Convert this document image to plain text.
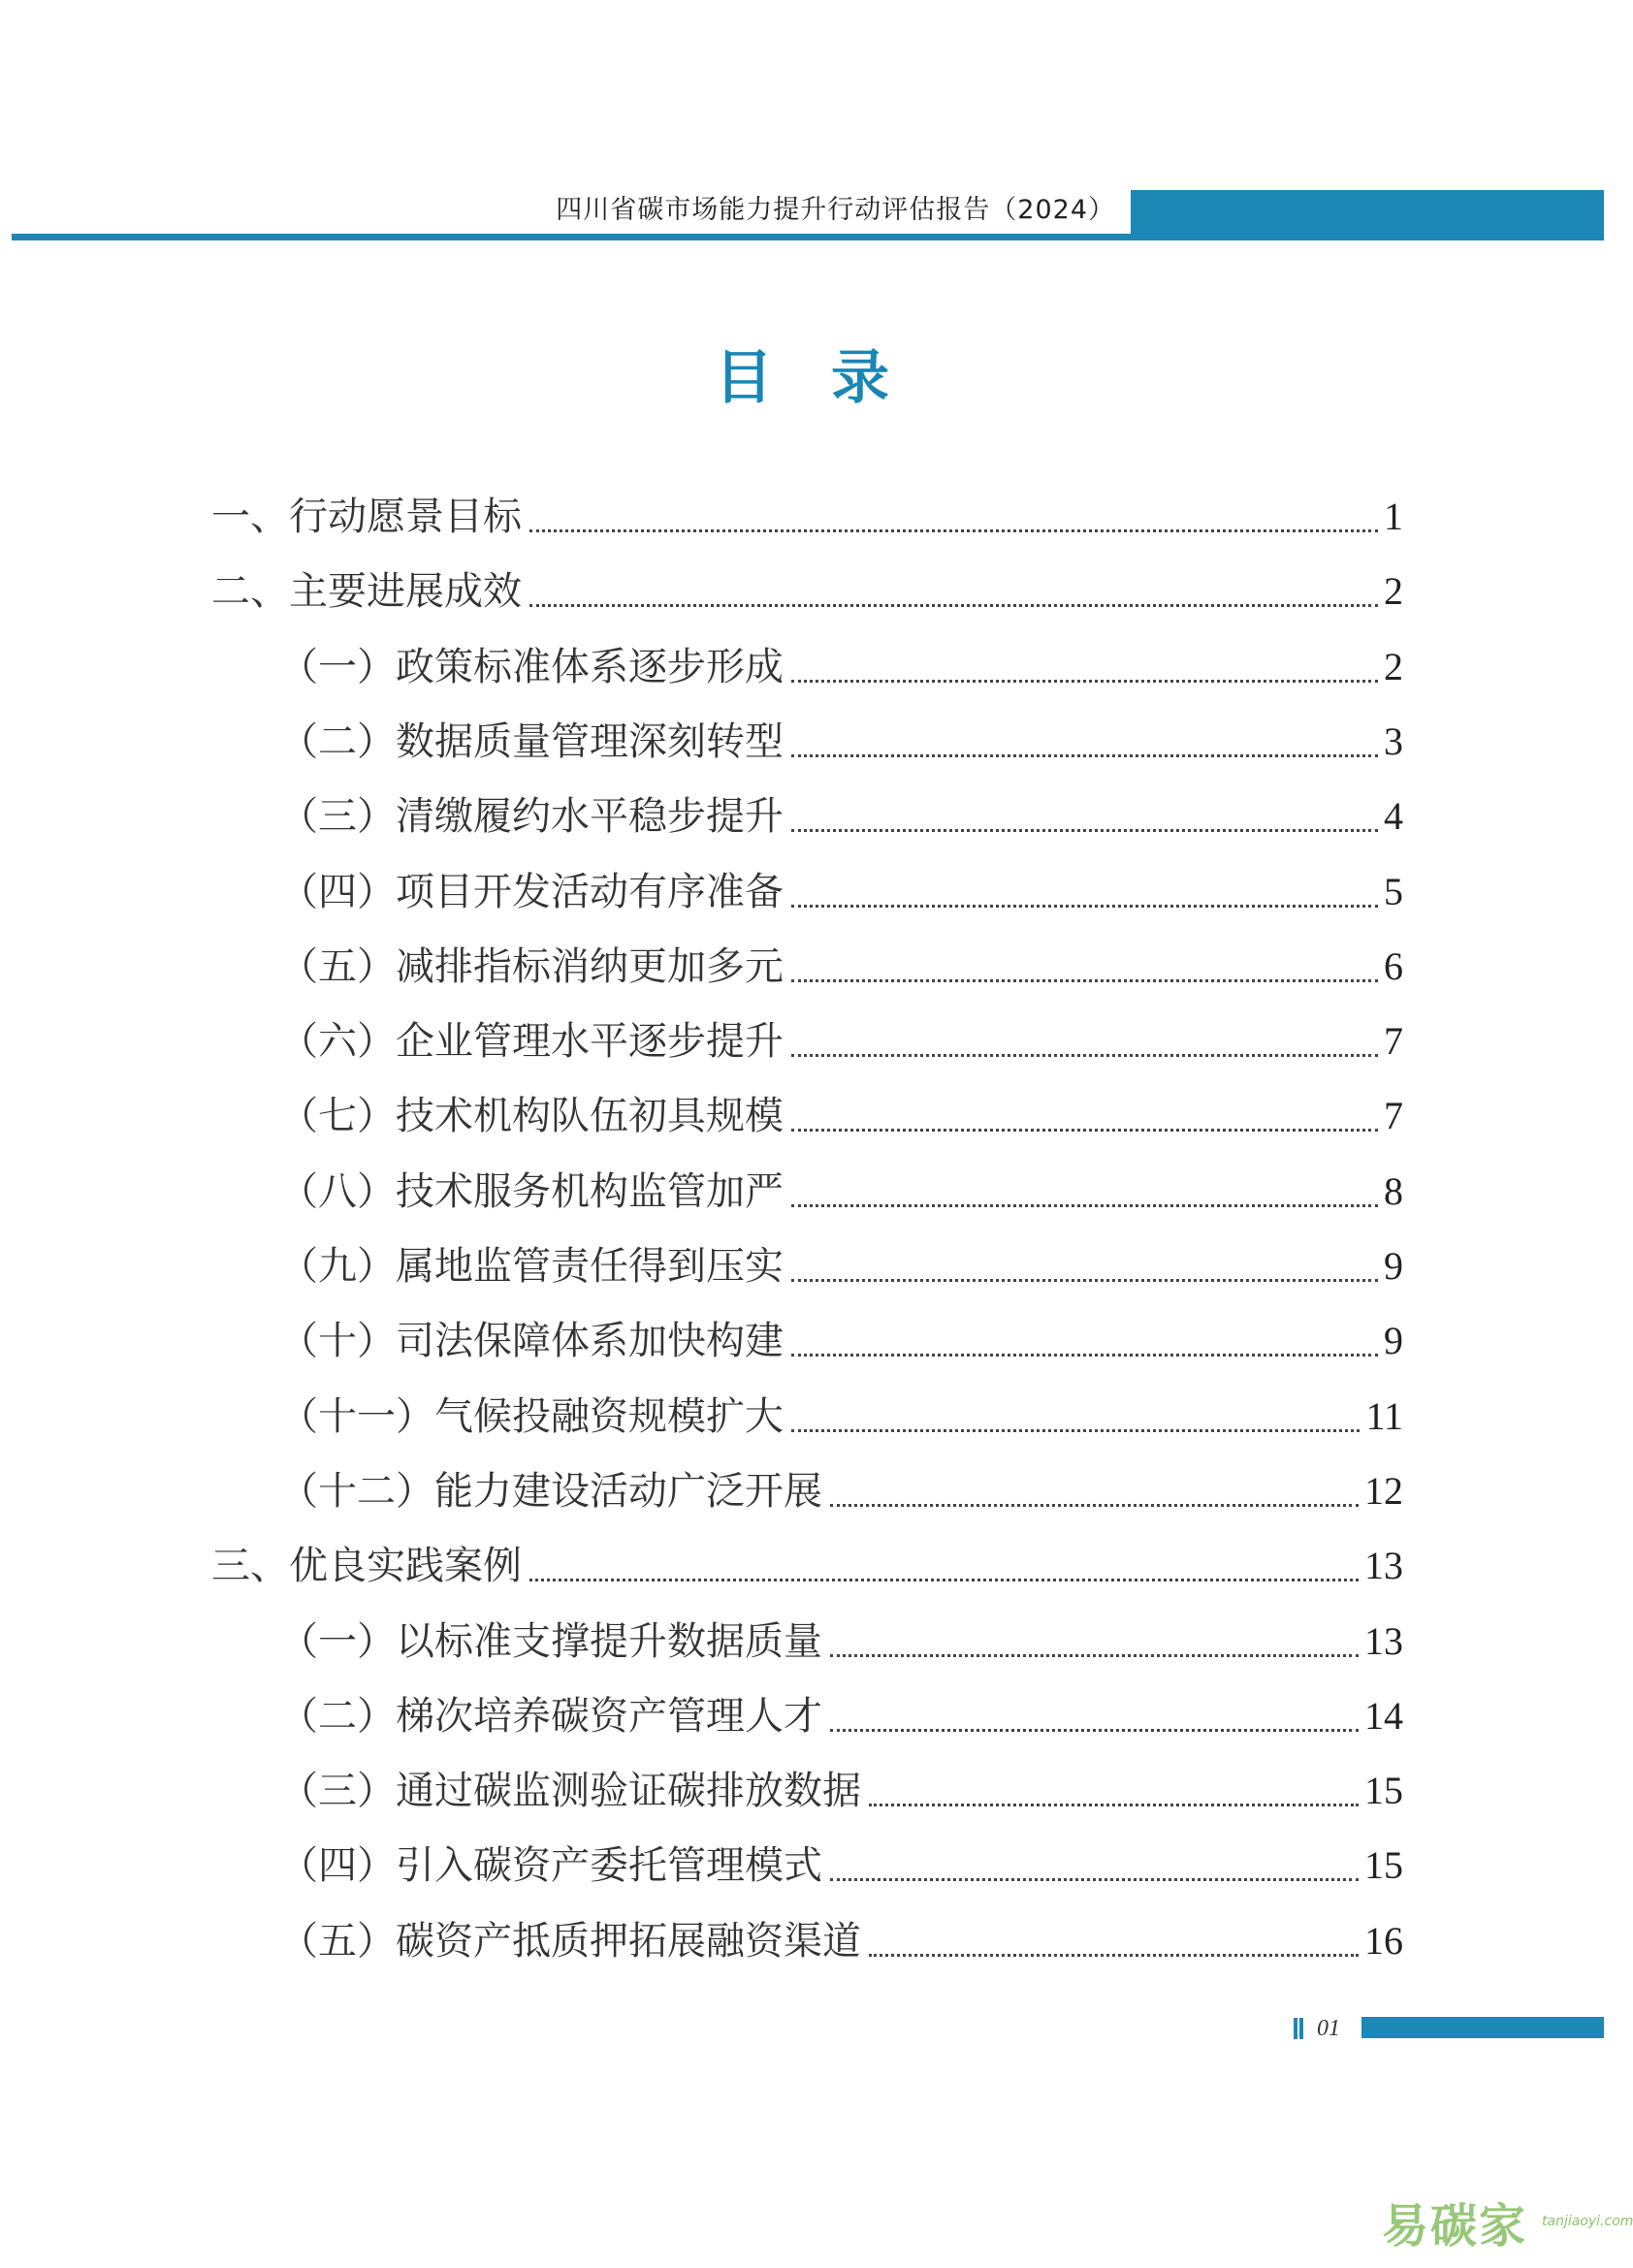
四川省碳市场能力提升行动评估报告（2024）
目录
一、行动愿景目标	1
二、主要进展成效	2
（一）政策标准体系逐步形成	2
（二）数据质量管理深刻转型	3
（三）清缴履约水平稳步提升	4
（四）项目开发活动有序准备	5
（五）减排指标消纳更加多元	6
（六）企业管理水平逐步提升	7
（七）技术机构队伍初具规模	7
（八）技术服务机构监管加严	8
（九）属地监管责任得到压实	9
（十）司法保障体系加快构建	9
（十一）气候投融资规模扩大	11
（十二）能力建设活动广泛开展	12
三、优良实践案例	13
（一）以标准支撑提升数据质量	13
（二）梯次培养碳资产管理人才	14
（三）通过碳监测验证碳排放数据	15
（四）引入碳资产委托管理模式	15
（五）碳资产抵质押拓展融资渠道	16
01
易碳家 tanjiaoyi.com
